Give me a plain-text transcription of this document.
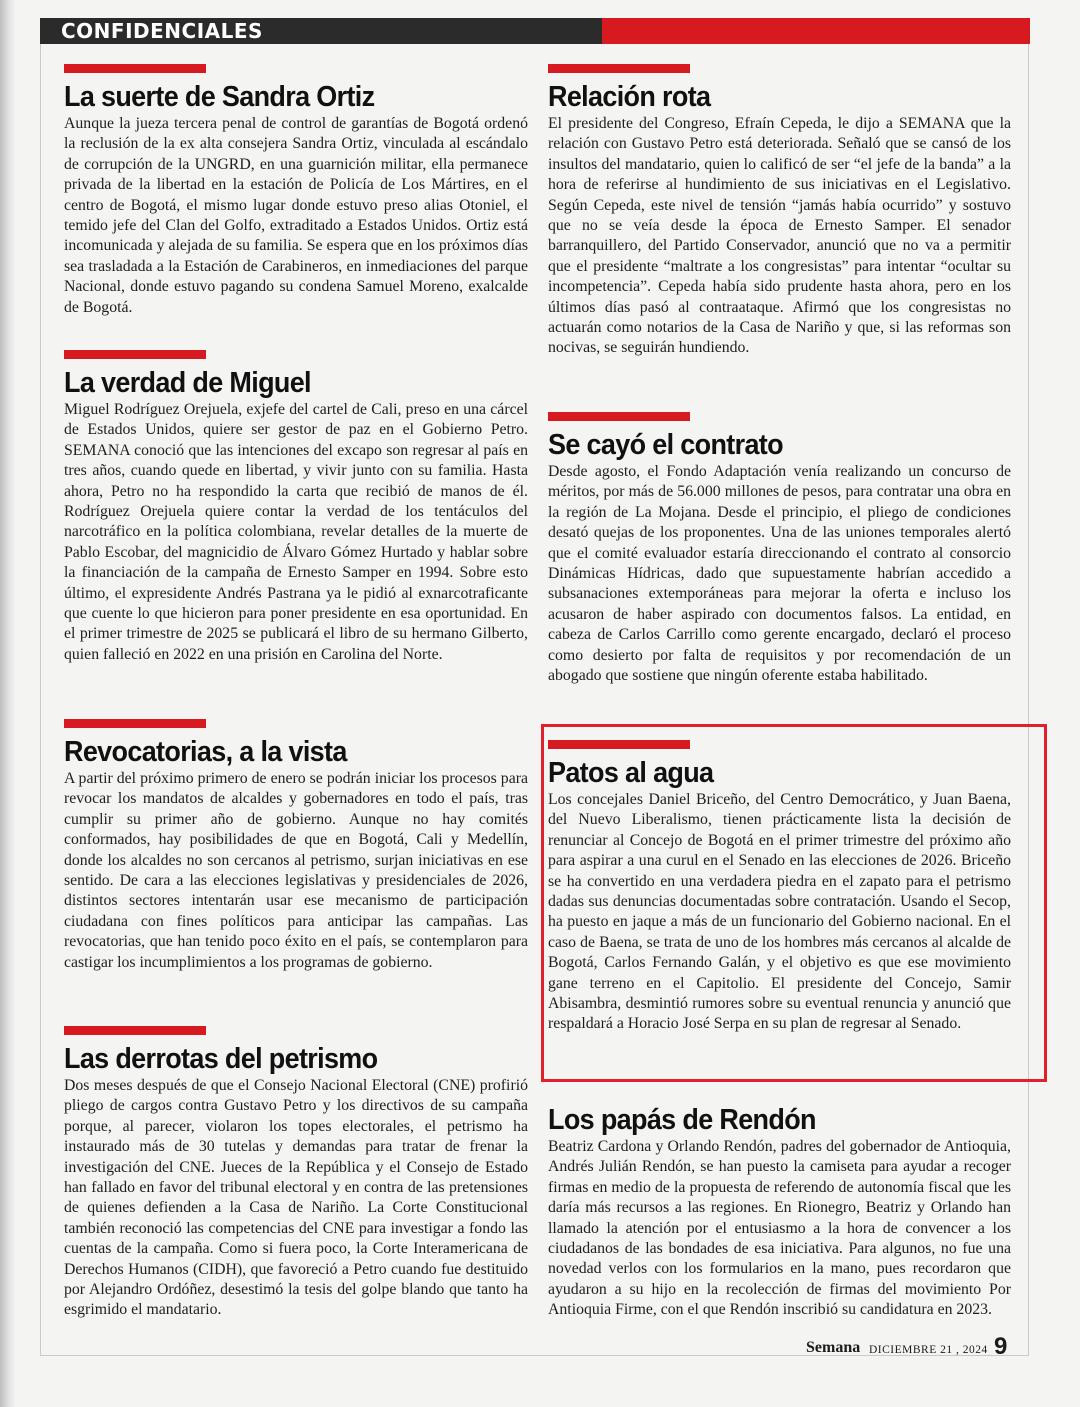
CONFIDENCIALES
La suerte de Sandra Ortiz

Aunque la jueza tercera penal de control de garantías de Bogotá ordenó la reclusión de la ex alta consejera Sandra Ortiz, vinculada al escándalo de corrupción de la UNGRD, en una guarnición militar, ella permanece privada de la libertad en la estación de Policía de Los Mártires, en el centro de Bogotá, el mismo lugar donde estuvo preso alias Otoniel, el temido jefe del Clan del Golfo, extraditado a Estados Unidos. Ortiz está incomunicada y alejada de su familia. Se espera que en los próximos días sea trasladada a la Estación de Carabineros, en inmediaciones del parque Nacional, donde estuvo pagando su condena Samuel Moreno, exalcalde de Bogotá.

La verdad de Miguel

Miguel Rodríguez Orejuela, exjefe del cartel de Cali, preso en una cárcel de Estados Unidos, quiere ser gestor de paz en el Gobierno Petro. SEMANA conoció que las intenciones del excapo son regresar al país en tres años, cuando quede en libertad, y vivir junto con su familia. Hasta ahora, Petro no ha respondido la carta que recibió de manos de él. Rodríguez Orejuela quiere contar la verdad de los tentáculos del narcotráfico en la política colombiana, revelar detalles de la muerte de Pablo Escobar, del magnicidio de Álvaro Gómez Hurtado y hablar sobre la financiación de la campaña de Ernesto Samper en 1994. Sobre esto último, el expresidente Andrés Pastrana ya le pidió al exnarcotraficante que cuente lo que hicieron para poner presidente en esa oportunidad. En el primer trimestre de 2025 se publicará el libro de su hermano Gilberto, quien falleció en 2022 en una prisión en Carolina del Norte.

Revocatorias, a la vista

A partir del próximo primero de enero se podrán iniciar los procesos para revocar los mandatos de alcaldes y gobernadores en todo el país, tras cumplir su primer año de gobierno. Aunque no hay comités conformados, hay posibilidades de que en Bogotá, Cali y Medellín, donde los alcaldes no son cercanos al petrismo, surjan iniciativas en ese sentido. De cara a las elecciones legislativas y presidenciales de 2026, distintos sectores intentarán usar ese mecanismo de participación ciudadana con fines políticos para anticipar las campañas. Las revocatorias, que han tenido poco éxito en el país, se contemplaron para castigar los incumplimientos a los programas de gobierno.

Las derrotas del petrismo

Dos meses después de que el Consejo Nacional Electoral (CNE) profirió pliego de cargos contra Gustavo Petro y los directivos de su campaña porque, al parecer, violaron los topes electorales, el petrismo ha instaurado más de 30 tutelas y demandas para tratar de frenar la investigación del CNE. Jueces de la República y el Consejo de Estado han fallado en favor del tribunal electoral y en contra de las pretensiones de quienes defienden a la Casa de Nariño. La Corte Constitucional también reconoció las competencias del CNE para investigar a fondo las cuentas de la campaña. Como si fuera poco, la Corte Interamericana de Derechos Humanos (CIDH), que favoreció a Petro cuando fue destituido por Alejandro Ordóñez, desestimó la tesis del golpe blando que tanto ha esgrimido el mandatario.

Relación rota

El presidente del Congreso, Efraín Cepeda, le dijo a SEMANA que la relación con Gustavo Petro está deteriorada. Señaló que se cansó de los insultos del mandatario, quien lo calificó de ser “el jefe de la banda” a la hora de referirse al hundimiento de sus iniciativas en el Legislativo. Según Cepeda, este nivel de tensión “jamás había ocurrido” y sostuvo que no se veía desde la época de Ernesto Samper. El senador barranquillero, del Partido Conservador, anunció que no va a permitir que el presidente “maltrate a los congresistas” para intentar “ocultar su incompetencia”. Cepeda había sido prudente hasta ahora, pero en los últimos días pasó al contraataque. Afirmó que los congresistas no actuarán como notarios de la Casa de Nariño y que, si las reformas son nocivas, se seguirán hundiendo.

Se cayó el contrato

Desde agosto, el Fondo Adaptación venía realizando un concurso de méritos, por más de 56.000 millones de pesos, para contratar una obra en la región de La Mojana. Desde el principio, el pliego de condiciones desató quejas de los proponentes. Una de las uniones temporales alertó que el comité evaluador estaría direccionando el contrato al consorcio Dinámicas Hídricas, dado que supuestamente habrían accedido a subsanaciones extemporáneas para mejorar la oferta e incluso los acusaron de haber aspirado con documentos falsos. La entidad, en cabeza de Carlos Carrillo como gerente encargado, declaró el proceso como desierto por falta de requisitos y por recomendación de un abogado que sostiene que ningún oferente estaba habilitado.

Patos al agua

Los concejales Daniel Briceño, del Centro Democrático, y Juan Baena, del Nuevo Liberalismo, tienen prácticamente lista la decisión de renunciar al Concejo de Bogotá en el primer trimestre del próximo año para aspirar a una curul en el Senado en las elecciones de 2026. Briceño se ha convertido en una verdadera piedra en el zapato para el petrismo dadas sus denuncias documentadas sobre contratación. Usando el Secop, ha puesto en jaque a más de un funcionario del Gobierno nacional. En el caso de Baena, se trata de uno de los hombres más cercanos al alcalde de Bogotá, Carlos Fernando Galán, y el objetivo es que ese movimiento gane terreno en el Capitolio. El presidente del Concejo, Samir Abisambra, desmintió rumores sobre su eventual renuncia y anunció que respaldará a Horacio José Serpa en su plan de regresar al Senado.

Los papás de Rendón

Beatriz Cardona y Orlando Rendón, padres del gobernador de Antioquia, Andrés Julián Rendón, se han puesto la camiseta para ayudar a recoger firmas en medio de la propuesta de referendo de autonomía fiscal que les daría más recursos a las regiones. En Rionegro, Beatriz y Orlando han llamado la atención por el entusiasmo a la hora de convencer a los ciudadanos de las bondades de esa iniciativa. Para algunos, no fue una novedad verlos con los formularios en la mano, pues recordaron que ayudaron a su hijo en la recolección de firmas del movimiento Por Antioquia Firme, con el que Rendón inscribió su candidatura en 2023.

Semana DICIEMBRE 21 , 2024 9
